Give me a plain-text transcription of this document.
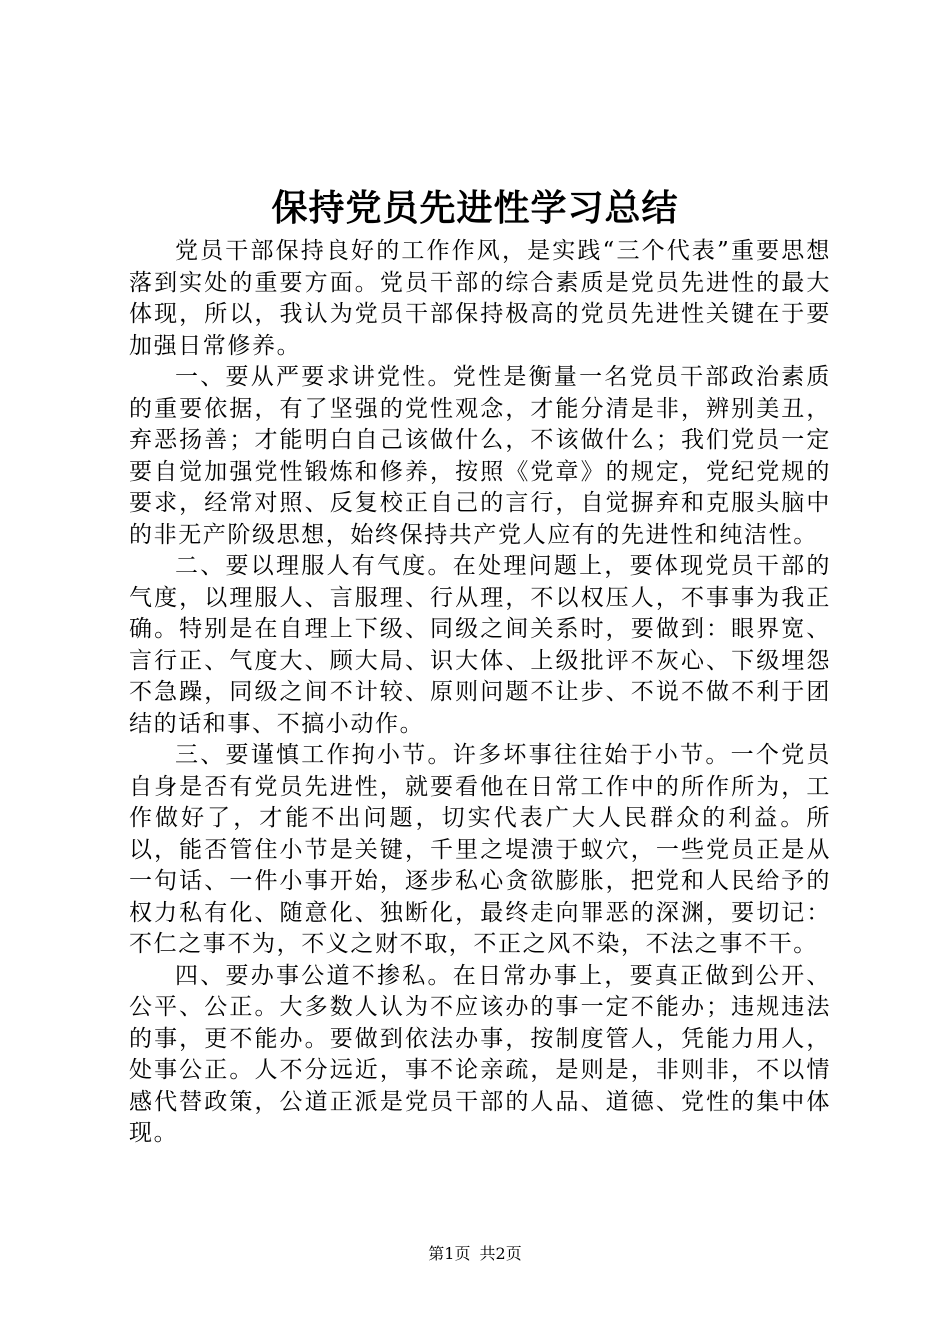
保持党员先进性学习总结

党员干部保持良好的工作作风，是实践“三个代表”重要思想落到实处的重要方面。党员干部的综合素质是党员先进性的最大体现，所以，我认为党员干部保持极高的党员先进性关键在于要加强日常修养。

一、要从严要求讲党性。党性是衡量一名党员干部政治素质的重要依据，有了坚强的党性观念，才能分清是非，辨别美丑，弃恶扬善；才能明白自己该做什么，不该做什么；我们党员一定要自觉加强党性锻炼和修养，按照《党章》的规定，党纪党规的要求，经常对照、反复校正自己的言行，自觉摒弃和克服头脑中的非无产阶级思想，始终保持共产党人应有的先进性和纯洁性。

二、要以理服人有气度。在处理问题上，要体现党员干部的气度，以理服人、言服理、行从理，不以权压人，不事事为我正确。特别是在自理上下级、同级之间关系时，要做到：眼界宽、言行正、气度大、顾大局、识大体、上级批评不灰心、下级埋怨不急躁，同级之间不计较、原则问题不让步、不说不做不利于团结的话和事、不搞小动作。

三、要谨慎工作拘小节。许多坏事往往始于小节。一个党员自身是否有党员先进性，就要看他在日常工作中的所作所为，工作做好了，才能不出问题，切实代表广大人民群众的利益。所以，能否管住小节是关键，千里之堤溃于蚁穴，一些党员正是从一句话、一件小事开始，逐步私心贪欲膨胀，把党和人民给予的权力私有化、随意化、独断化，最终走向罪恶的深渊，要切记：不仁之事不为，不义之财不取，不正之风不染，不法之事不干。

四、要办事公道不掺私。在日常办事上，要真正做到公开、公平、公正。大多数人认为不应该办的事一定不能办；违规违法的事，更不能办。要做到依法办事，按制度管人，凭能力用人，处事公正。人不分远近，事不论亲疏，是则是，非则非，不以情感代替政策，公道正派是党员干部的人品、道德、党性的集中体现。

第1页 共2页
